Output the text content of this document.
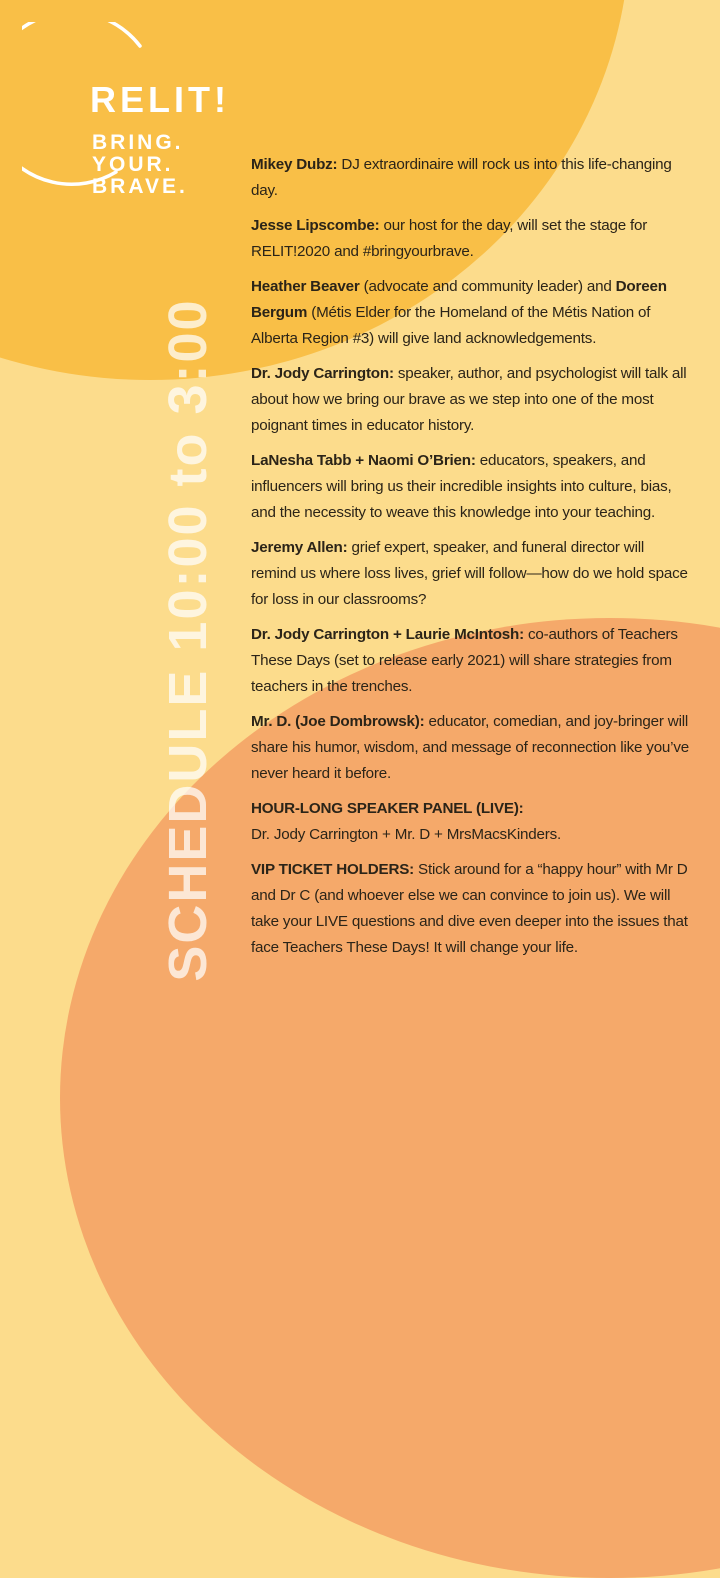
RELIT!
BRING.
YOUR.
BRAVE.
SCHEDULE 10:00 to 3:00

Mikey Dubz: DJ extraordinaire will rock us into this life-changing day.

Jesse Lipscombe: our host for the day, will set the stage for RELIT!2020 and #bringyourbrave.

Heather Beaver (advocate and community leader) and Doreen Bergum (Métis Elder for the Homeland of the Métis Nation of Alberta Region #3) will give land acknowledgements.

Dr. Jody Carrington: speaker, author, and psychologist will talk all about how we bring our brave as we step into one of the most poignant times in educator history.

LaNesha Tabb + Naomi O’Brien: educators, speakers, and influencers will bring us their incredible insights into culture, bias, and the necessity to weave this knowledge into your teaching.

Jeremy Allen: grief expert, speaker, and funeral director will remind us where loss lives, grief will follow—how do we hold space for loss in our classrooms?

Dr. Jody Carrington + Laurie McIntosh: co-authors of Teachers These Days (set to release early 2021) will share strategies from teachers in the trenches.

Mr. D. (Joe Dombrowsk): educator, comedian, and joy-bringer will share his humor, wisdom, and message of reconnection like you’ve never heard it before.

HOUR-LONG SPEAKER PANEL (LIVE):
Dr. Jody Carrington + Mr. D + MrsMacsKinders.

VIP TICKET HOLDERS: Stick around for a “happy hour” with Mr D and Dr C (and whoever else we can convince to join us). We will take your LIVE questions and dive even deeper into the issues that face Teachers These Days! It will change your life.
